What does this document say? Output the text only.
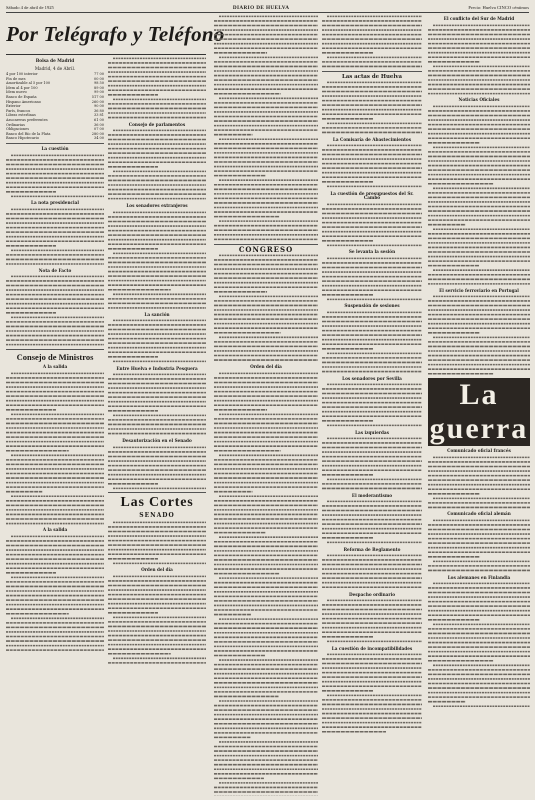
Sábado 4 de abril de 1925	DIARIO DE HUELVA	Precio: Huelva CINCO céntimos
Por Telégrafo y Teléfono
Bolsa de Madrid
Madrid, 4 de Abril.
4 por 100 interior	77 00
Fin de mes	00 00
Amortizable al 5 por 100	98 50
Ídem al 4 por 100	89 00
Ídem nuevo	99 00
Banco de España	517 00
Hispano Americano	260 00
Exterior	90 00
París, francos	36 80
Libras esterlinas	33 81
Azucareras preferentes	61 00
Ordinarias	36 00
Obligaciones	07 00
Banco del Río de la Plata	280 00
Banco Hipotecario	34 00
La cuestión
La nota presidencial
Nota de Facto
Consejo de Ministros
A la salida
A la salida
Consejo de parlamentos
Los senadores extranjeros
La sanción
Entre Huelva e Industria Pesquera
Desautorización en el Senado
Las Cortes
SENADO
Orden del día
CONGRESO
Orden del día
Las actas de Huelva
La Comisaría de Abastecimientos
La cuestión de presupuestos del Sr. Cambó
Se levanta la sesión
Suspensión de sesiones
Los senadores por Sevilla
Las izquierdas
El moderantismo
Reforma de Reglamento
Despacho ordinario
La cuestión de incompatibilidades
El conflicto del Sur de Madrid
Noticias Oficiales
El servicio ferroviario en Portugal
La guerra
Comunicado oficial francés
Comunicado oficial alemán
Los alemanes en Finlandia
